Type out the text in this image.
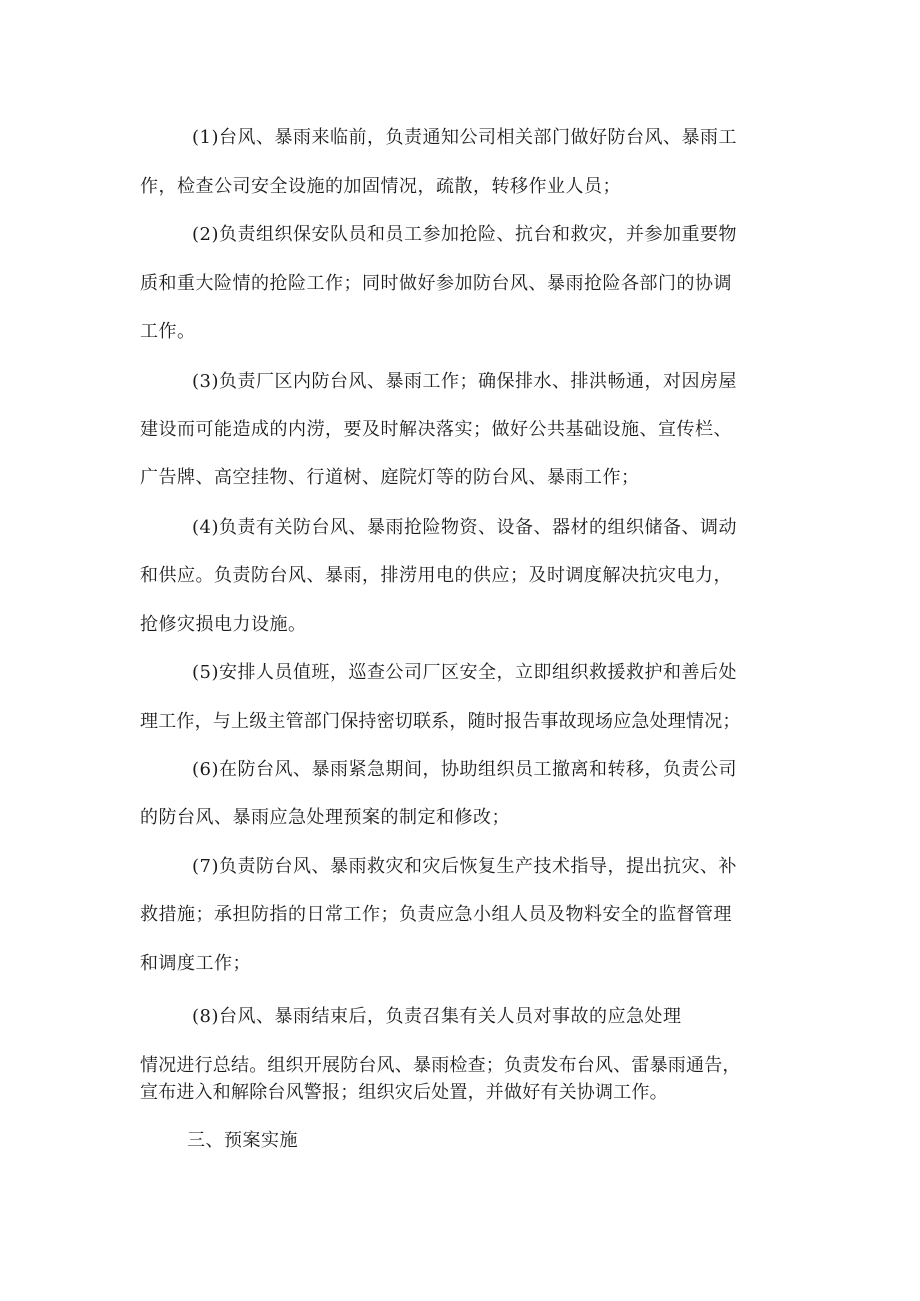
(1)台风、暴雨来临前，负责通知公司相关部门做好防台风、暴雨工
作，检查公司安全设施的加固情况，疏散，转移作业人员；
(2)负责组织保安队员和员工参加抢险、抗台和救灾，并参加重要物
质和重大险情的抢险工作；同时做好参加防台风、暴雨抢险各部门的协调
工作。
(3)负责厂区内防台风、暴雨工作；确保排水、排洪畅通，对因房屋
建设而可能造成的内涝，要及时解决落实；做好公共基础设施、宣传栏、
广告牌、高空挂物、行道树、庭院灯等的防台风、暴雨工作；
(4)负责有关防台风、暴雨抢险物资、设备、器材的组织储备、调动
和供应。负责防台风、暴雨，排涝用电的供应；及时调度解决抗灾电力，
抢修灾损电力设施。
(5)安排人员值班，巡查公司厂区安全，立即组织救援救护和善后处
理工作，与上级主管部门保持密切联系，随时报告事故现场应急处理情况；
(6)在防台风、暴雨紧急期间，协助组织员工撤离和转移，负责公司
的防台风、暴雨应急处理预案的制定和修改；
(7)负责防台风、暴雨救灾和灾后恢复生产技术指导，提出抗灾、补
救措施；承担防指的日常工作；负责应急小组人员及物料安全的监督管理
和调度工作；
(8)台风、暴雨结束后，负责召集有关人员对事故的应急处理
情况进行总结。组织开展防台风、暴雨检查；负责发布台风、雷暴雨通告，
宣布进入和解除台风警报；组织灾后处置，并做好有关协调工作。
三、预案实施
